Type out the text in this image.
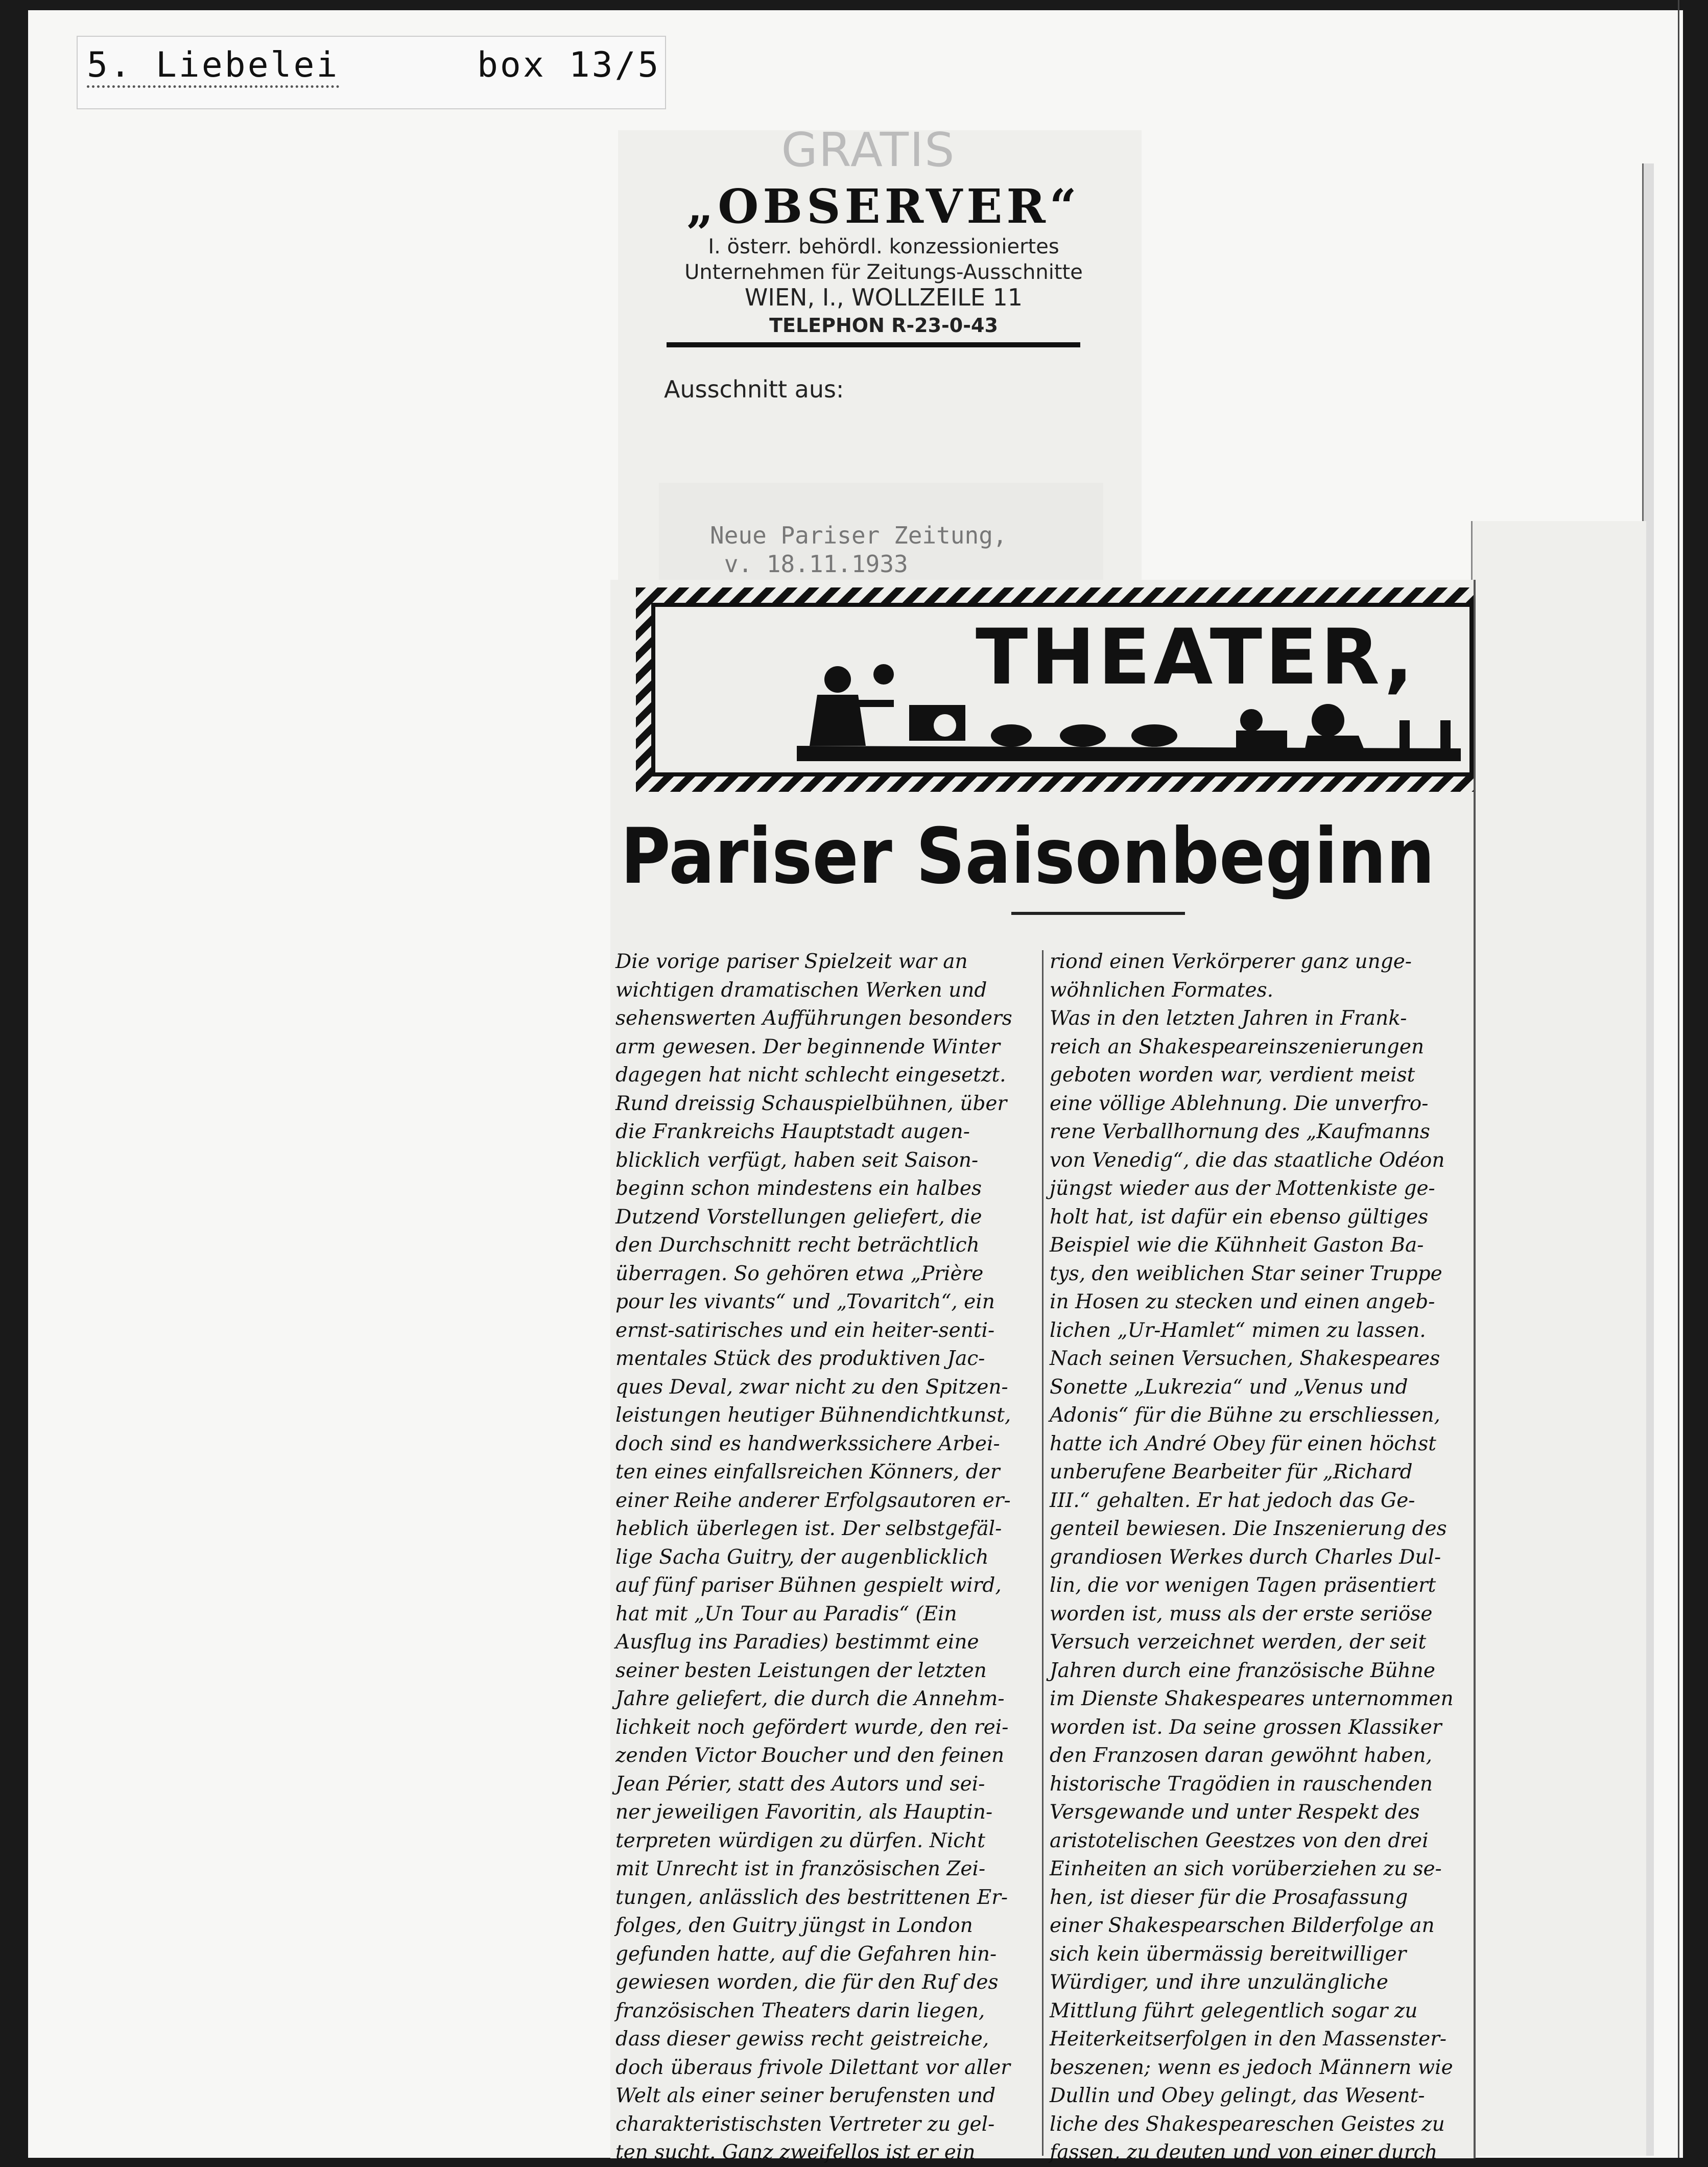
5. Liebelei	box 13/5
GRATIS
„OBSERVER“
I. österr. behördl. konzessioniertes
Unternehmen für Zeitungs-Ausschnitte
WIEN, I., WOLLZEILE 11
TELEPHON R-23-0-43
Ausschnitt aus:
Neue Pariser Zeitung,
v. 18.11.1933
THEATER,
Pariser Saisonbeginn
Die vorige pariser Spielzeit war an
wichtigen dramatischen Werken und
sehenswerten Aufführungen besonders
arm gewesen. Der beginnende Winter
dagegen hat nicht schlecht eingesetzt.
Rund dreissig Schauspielbühnen, über
die Frankreichs Hauptstadt augen-
blicklich verfügt, haben seit Saison-
beginn schon mindestens ein halbes
Dutzend Vorstellungen geliefert, die
den Durchschnitt recht beträchtlich
überragen. So gehören etwa „Prière
pour les vivants“ und „Tovaritch“, ein
ernst-satirisches und ein heiter-senti-
mentales Stück des produktiven Jac-
ques Deval, zwar nicht zu den Spitzen-
leistungen heutiger Bühnendichtkunst,
doch sind es handwerkssichere Arbei-
ten eines einfallsreichen Könners, der
einer Reihe anderer Erfolgsautoren er-
heblich überlegen ist. Der selbstgefäl-
lige Sacha Guitry, der augenblicklich
auf fünf pariser Bühnen gespielt wird,
hat mit „Un Tour au Paradis“ (Ein
Ausflug ins Paradies) bestimmt eine
seiner besten Leistungen der letzten
Jahre geliefert, die durch die Annehm-
lichkeit noch gefördert wurde, den rei-
zenden Victor Boucher und den feinen
Jean Périer, statt des Autors und sei-
ner jeweiligen Favoritin, als Hauptin-
terpreten würdigen zu dürfen. Nicht
mit Unrecht ist in französischen Zei-
tungen, anlässlich des bestrittenen Er-
folges, den Guitry jüngst in London
gefunden hatte, auf die Gefahren hin-
gewiesen worden, die für den Ruf des
französischen Theaters darin liegen,
dass dieser gewiss recht geistreiche,
doch überaus frivole Dilettant vor aller
Welt als einer seiner berufensten und
charakteristischsten Vertreter zu gel-
ten sucht. Ganz zweifellos ist er ein
riond einen Verkörperer ganz unge-
wöhnlichen Formates.
Was in den letzten Jahren in Frank-
reich an Shakespeareinszenierungen
geboten worden war, verdient meist
eine völlige Ablehnung. Die unverfro-
rene Verballhornung des „Kaufmanns
von Venedig“, die das staatliche Odéon
jüngst wieder aus der Mottenkiste ge-
holt hat, ist dafür ein ebenso gültiges
Beispiel wie die Kühnheit Gaston Ba-
tys, den weiblichen Star seiner Truppe
in Hosen zu stecken und einen angeb-
lichen „Ur-Hamlet“ mimen zu lassen.
Nach seinen Versuchen, Shakespeares
Sonette „Lukrezia“ und „Venus und
Adonis“ für die Bühne zu erschliessen,
hatte ich André Obey für einen höchst
unberufene Bearbeiter für „Richard
III.“ gehalten. Er hat jedoch das Ge-
genteil bewiesen. Die Inszenierung des
grandiosen Werkes durch Charles Dul-
lin, die vor wenigen Tagen präsentiert
worden ist, muss als der erste seriöse
Versuch verzeichnet werden, der seit
Jahren durch eine französische Bühne
im Dienste Shakespeares unternommen
worden ist. Da seine grossen Klassiker
den Franzosen daran gewöhnt haben,
historische Tragödien in rauschenden
Versgewande und unter Respekt des
aristotelischen Geestzes von den drei
Einheiten an sich vorüberziehen zu se-
hen, ist dieser für die Prosafassung
einer Shakespearschen Bilderfolge an
sich kein übermässig bereitwilliger
Würdiger, und ihre unzulängliche
Mittlung führt gelegentlich sogar zu
Heiterkeitserfolgen in den Massenster-
beszenen; wenn es jedoch Männern wie
Dullin und Obey gelingt, das Wesent-
liche des Shakespeareschen Geistes zu
fassen, zu deuten und von einer durch
